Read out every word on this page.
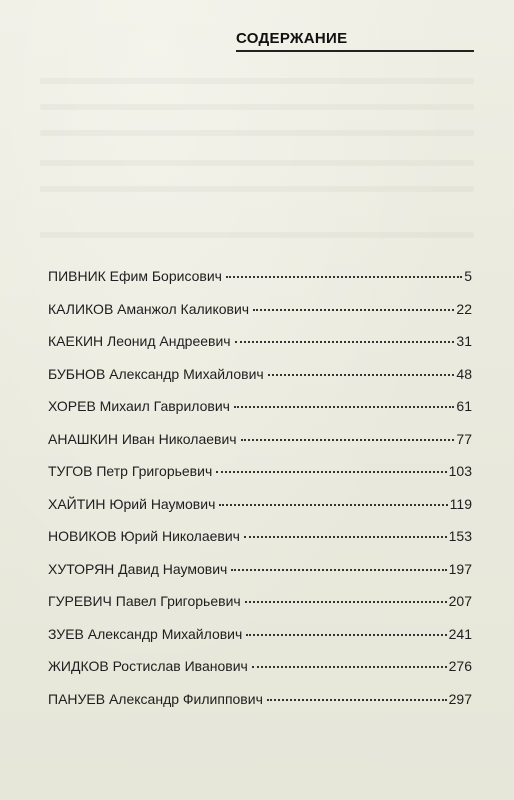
СОДЕРЖАНИЕ
ПИВНИК Ефим Борисович	5
КАЛИКОВ Аманжол Каликович	22
КАЕКИН Леонид Андреевич	31
БУБНОВ Александр Михайлович	48
ХОРЕВ Михаил Гаврилович	61
АНАШКИН Иван Николаевич	77
ТУГОВ Петр Григорьевич	103
ХАЙТИН Юрий Наумович	119
НОВИКОВ Юрий Николаевич	153
ХУТОРЯН Давид Наумович	197
ГУРЕВИЧ Павел Григорьевич	207
ЗУЕВ Александр Михайлович	241
ЖИДКОВ Ростислав Иванович	276
ПАНУЕВ Александр Филиппович	297
